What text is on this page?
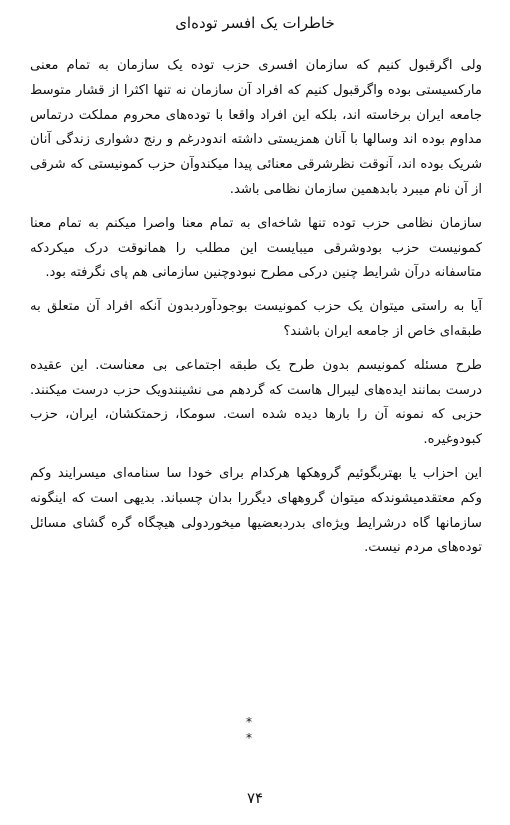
خاطرات یک افسر توده‌ای

ولی اگرقبول کنیم که سازمان افسری حزب توده یک سازمان به تمام معنی مارکسیستی بوده واگرقبول کنیم که افراد آن سازمان نه تنها اکثرا از قشار متوسط جامعه ایران برخاسته اند، بلکه این افراد واقعا با توده‌های محروم مملکت درتماس مداوم بوده اند وسالها با آنان همزیستی داشته اندودرغم و رنج دشواری زندگی آنان شریک بوده اند، آنوقت نظرشرقی معنائی پیدا میکندوآن حزب کمونیستی که شرقی از آن نام میبرد بابدهمین سازمان نظامی باشد.

سازمان نظامی حزب توده تنها شاخه‌ای به تمام معنا واصرا میکنم به تمام معنا کمونیست حزب بودوشرقی میبایست این مطلب را همانوقت درک میکردکه متاسفانه درآن شرایط چنین درکی مطرح نبودوچنین سازمانی هم پای نگرفته بود.

آیا به راستی میتوان یک حزب کمونیست بوجودآوردبدون آنکه افراد آن متعلق به طبقه‌ای خاص از جامعه ایران باشند؟

طرح مسئله کمونیسم بدون طرح یک طبقه اجتماعی بی معناست. این عقیده درست بمانند ایده‌های لیبرال هاست که گردهم می نشینندویک حزب درست میکنند. حزبی که نمونه آن را بارها دیده شده است. سومکا، زحمتکشان، ایران، حزب کبودوغیره.

این احزاب یا بهتربگوئیم گروهکها هرکدام برای خودا سا سنامه‌ای میسرایند وکم وکم معتقدمیشوندکه میتوان گروههای دیگررا بدان چسباند. بدیهی است که اینگونه سازمانها گاه درشرایط ویژه‌ای بدردبعضیها میخوردولی هیچگاه گره گشای مسائل توده‌های مردم نیست.

*
*
۷۴
